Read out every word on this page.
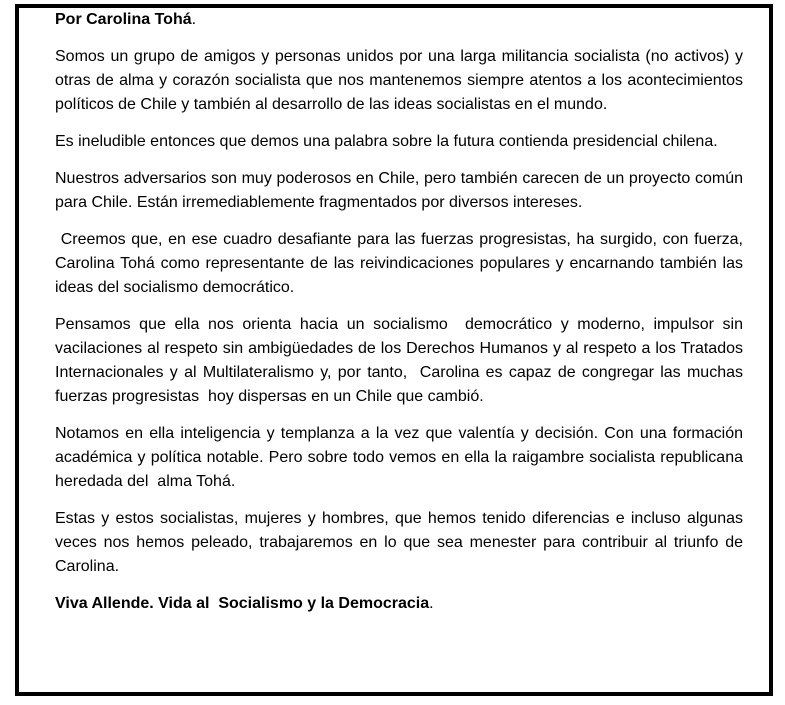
Por Carolina Tohá.

Somos un grupo de amigos y personas unidos por una larga militancia socialista (no activos) y otras de alma y corazón socialista que nos mantenemos siempre atentos a los acontecimientos políticos de Chile y también al desarrollo de las ideas socialistas en el mundo.

Es ineludible entonces que demos una palabra sobre la futura contienda presidencial chilena.

Nuestros adversarios son muy poderosos en Chile, pero también carecen de un proyecto común para Chile. Están irremediablemente fragmentados por diversos intereses.

Creemos que, en ese cuadro desafiante para las fuerzas progresistas, ha surgido, con fuerza, Carolina Tohá como representante de las reivindicaciones populares y encarnando también las ideas del socialismo democrático.

Pensamos que ella nos orienta hacia un socialismo  democrático y moderno, impulsor sin vacilaciones al respeto sin ambigüedades de los Derechos Humanos y al respeto a los Tratados Internacionales y al Multilateralismo y, por tanto,  Carolina es capaz de congregar las muchas fuerzas progresistas  hoy dispersas en un Chile que cambió.

Notamos en ella inteligencia y templanza a la vez que valentía y decisión. Con una formación académica y política notable. Pero sobre todo vemos en ella la raigambre socialista republicana heredada del  alma Tohá.

Estas y estos socialistas, mujeres y hombres, que hemos tenido diferencias e incluso algunas veces nos hemos peleado, trabajaremos en lo que sea menester para contribuir al triunfo de Carolina.

Viva Allende. Vida al  Socialismo y la Democracia.
